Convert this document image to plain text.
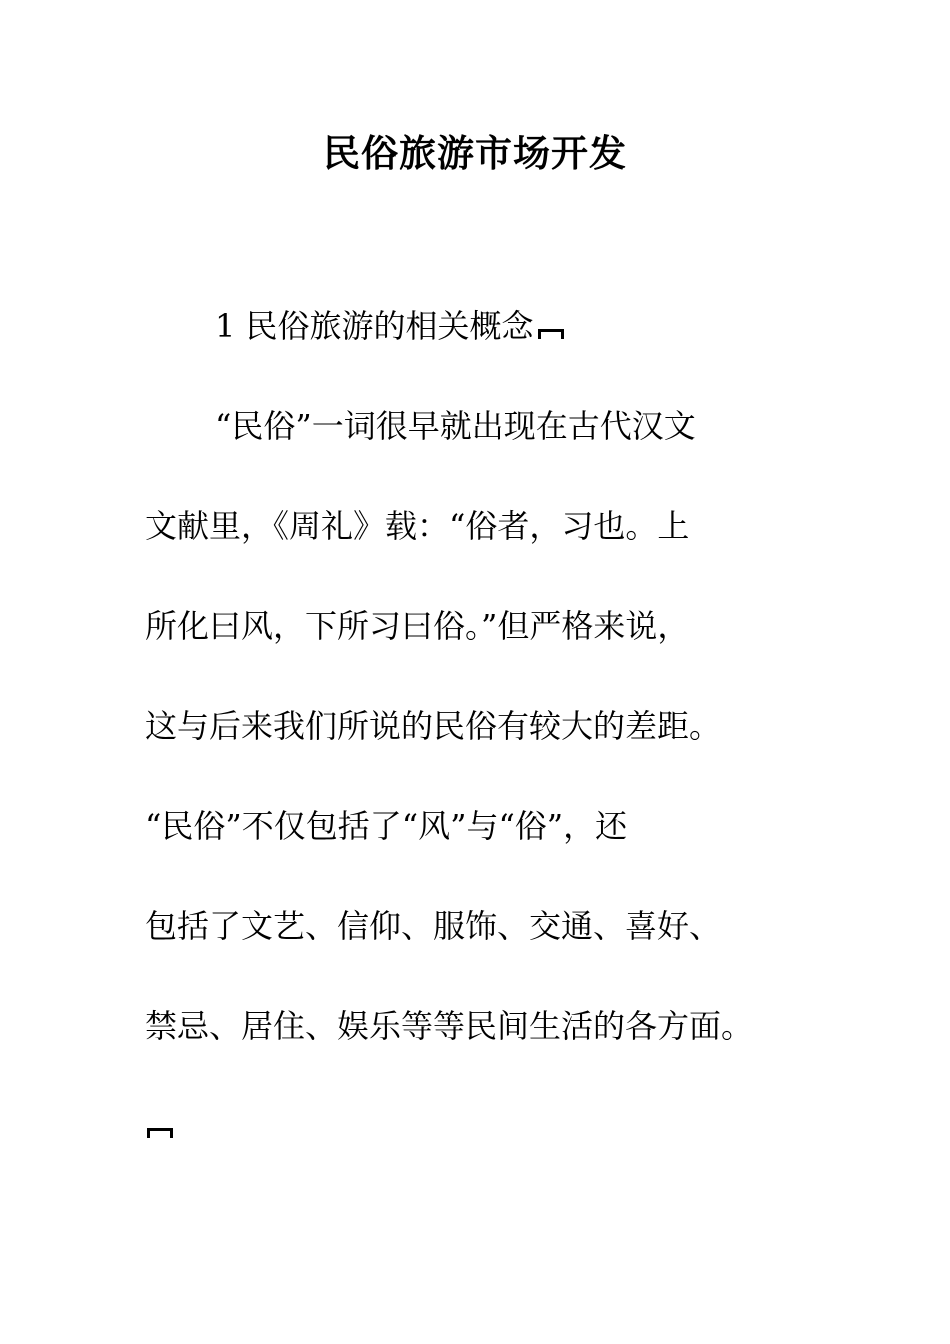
民俗旅游市场开发
1 民俗旅游的相关概念
“民俗”一词很早就出现在古代汉文
文献里，《周礼》载：“俗者，习也。上
所化曰风，下所习曰俗。”但严格来说，
这与后来我们所说的民俗有较大的差距。
“民俗”不仅包括了“风”与“俗”，还
包括了文艺、信仰、服饰、交通、喜好、
禁忌、居住、娱乐等等民间生活的各方面。
